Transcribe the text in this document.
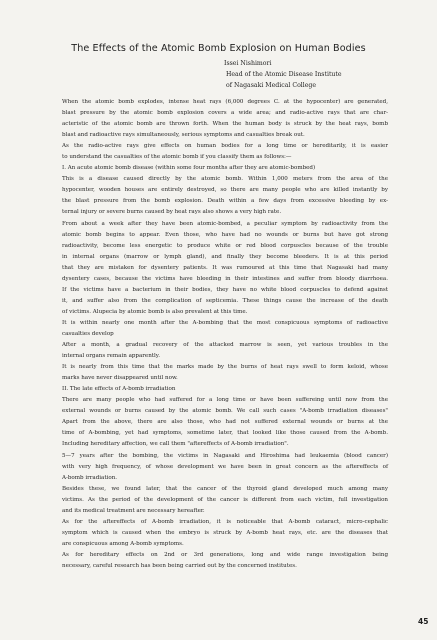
The Effects of the Atomic Bomb Explosion on Human Bodies
Issei Nishimori
Head of the Atomic Disease Institute
of Nagasaki Medical College
When the atomic bomb explodes, intense heat rays (6,000 degrees C. at the hypocenter) are generated,
blast pressure by the atomic bomb explosion covers a wide area; and radio-active rays that are char-
acteristic of the atomic bomb are thrown forth. When the human body is struck by the heat rays, bomb
blast and radioactive rays simultaneously, serious symptoms and casualties break out.
As the radio-active rays give effects on human bodies for a long time or hereditarily, it is easier
to understand the casualties of the atomic bomb if you classify them as follows:—
I. An acute atomic bomb disease (within some four months after they are atomic-bombed)
This is a disease caused directly by the atomic bomb. Within 1,000 meters from the area of the
hypocenter, wooden houses are entirely destroyed, so there are many people who are killed instantly by
the blast pressure from the bomb explosion. Death within a few days from excessive bleeding by ex-
ternal injury or severe burns caused by heat rays also shows a very high rate.
From about a week after they have been atomic-bombed, a peculiar symptom by radioactivity from the
atomic bomb begins to appear. Even those, who have had no wounds or burns but have got strong
radioactivity, become less energetic to produce white or red blood corpuscles because of the trouble
in internal organs (marrow or lymph gland), and finally they become bleeders. It is at this period
that they are mistaken for dysentery patients. It was rumoured at this time that Nagasaki had many
dysentery cases, because the victims have bleeding in their intestines and suffer from bloody diarrhoea.
If the victims have a bacterium in their bodies, they have no white blood corpuscles to defend against
it, and suffer also from the complication of septicemia. These things cause the increase of the death
of victims. Alupecia by atomic bomb is also prevalent at this time.
It is within nearly one month after the A-bombing that the most conspicuous symptoms of radioactive
casualties develop
After a month, a gradual recovery of the attacked marrow is seen, yet various troubles in the
internal organs remain apparently.
It is nearly from this time that the marks made by the burns of heat rays swell to form keloid, whose
marks have never disappeared until now.
II. The late effects of A-bomb irradiation
There are many people who had suffered for a long time or have been suffereing until now from the
external wounds or burns caused by the atomic bomb. We call such cases "A-bomb irradiation diseases"
Apart from the above, there are also those, who had not suffered external wounds or burns at the
time of A-bombing, yet had symptoms, sometime later, that looked like those caused from the A-bomb.
Including hereditary affection, we call them "aftereffects of A-bomb irradiation".
5—7 years after the bombing, the victims in Nagasaki and Hiroshima had leukaemia (blood cancer)
with very high frequency, of whose development we have been in great concern as the aftereffects of
A-bomb irradiation.
Besides these, we found later, that the cancer of the thyroid gland developed much among many
victims. As the period of the development of the cancer is different from each victim, full investigation
and its medical treatment are necessary hereafter.
As for the aftereffects of A-bomb irradiation, it is noticeable that A-bomb cataract, micro-cephalic
symptom which is caused when the embryo is struck by A-bomb heat rays, etc. are the diseases that
are conspicuous among A-bomb symptoms.
As for hereditary effects on 2nd or 3rd generations, long and wide range investigation being
necessary, careful research has been being carried out by the concerned institutes.
45
